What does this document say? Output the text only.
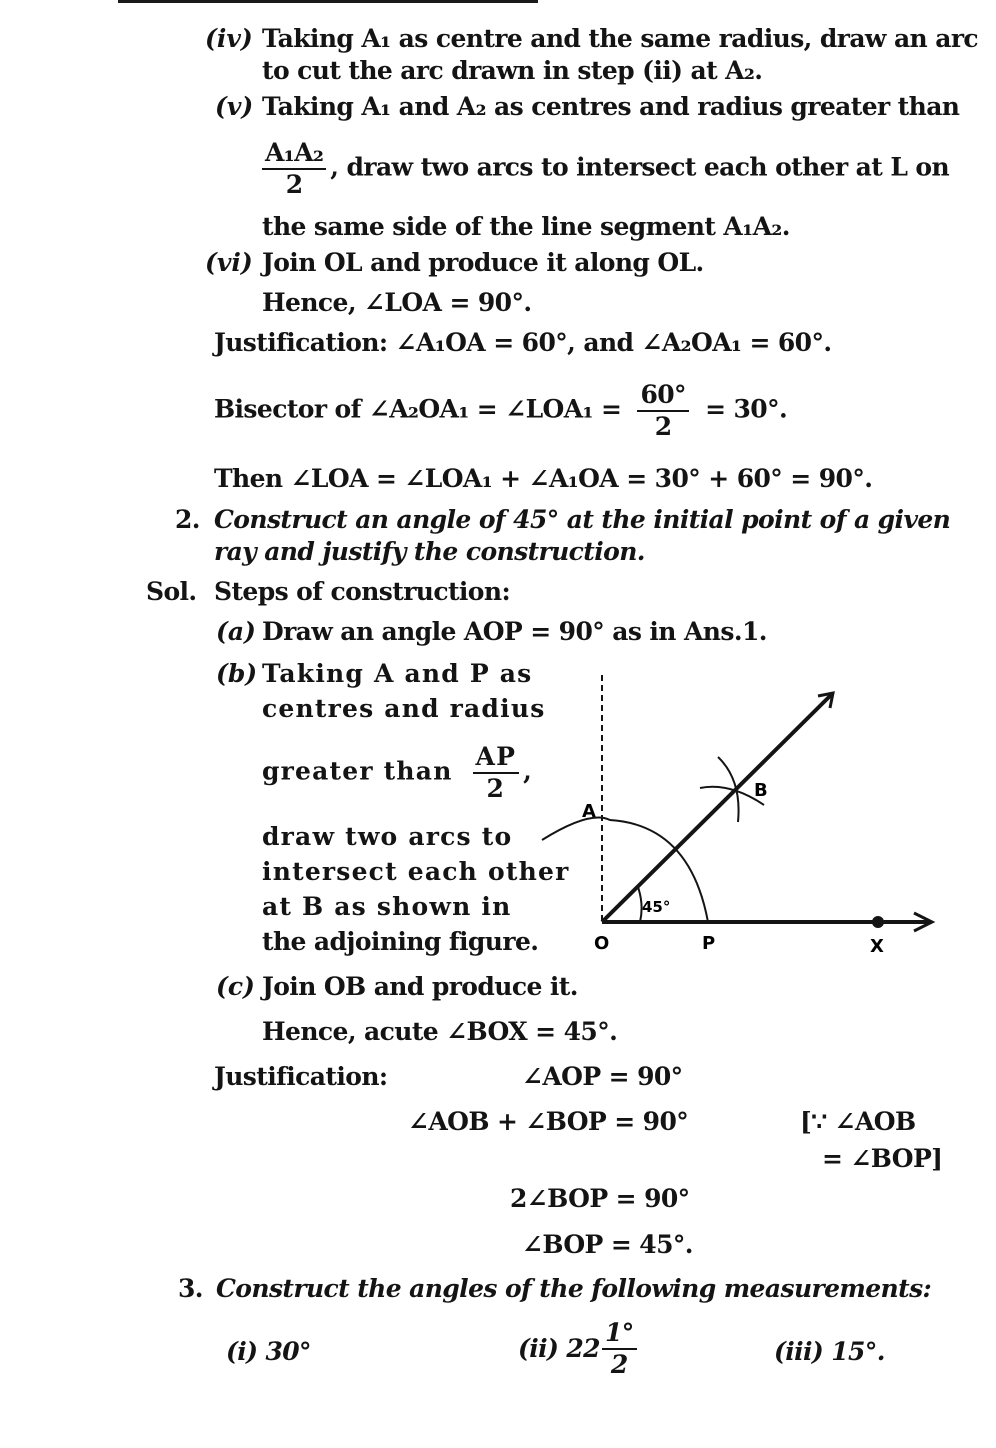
(iv) Taking A₁ as centre and the same radius, draw an arc
to cut the arc drawn in step (ii) at A₂.
(v) Taking A₁ and A₂ as centres and radius greater than
$\frac{\text{A₁A₂}}{2}$ , draw two arcs to intersect each other at L on
the same side of the line segment A₁A₂.
(vi) Join OL and produce it along OL.
Hence, ∠LOA = 90°.
Justification: ∠A₁OA = 60°, and ∠A₂OA₁ = 60°.
Bisector of ∠A₂OA₁ = ∠LOA₁ = $\frac{60^\circ}{2} = 30^\circ$.
Then ∠LOA = ∠LOA₁ + ∠A₁OA = 30° + 60° = 90°.
2. Construct an angle of 45° at the initial point of a given
ray and justify the construction.
Sol. Steps of construction:
(a) Draw an angle AOP = 90° as in Ans.1.
(b) Taking A and P as
centres and radius
greater than $\frac{AP}{2}$ ,
draw two arcs to
intersect each other
at B as shown in
the adjoining figure.
A
B
O	P	X
45°
(c) Join OB and produce it.
Hence, acute ∠BOX = 45°.
Justification:	∠AOP = 90°
∠AOB + ∠BOP = 90°	[∵ ∠AOB
= ∠BOP]
2∠BOP = 90°
∠BOP = 45°.
3. Construct the angles of the following measurements:
(i) 30°	(ii) $22 \frac{1^\circ}{2}$	(iii) 15°.
